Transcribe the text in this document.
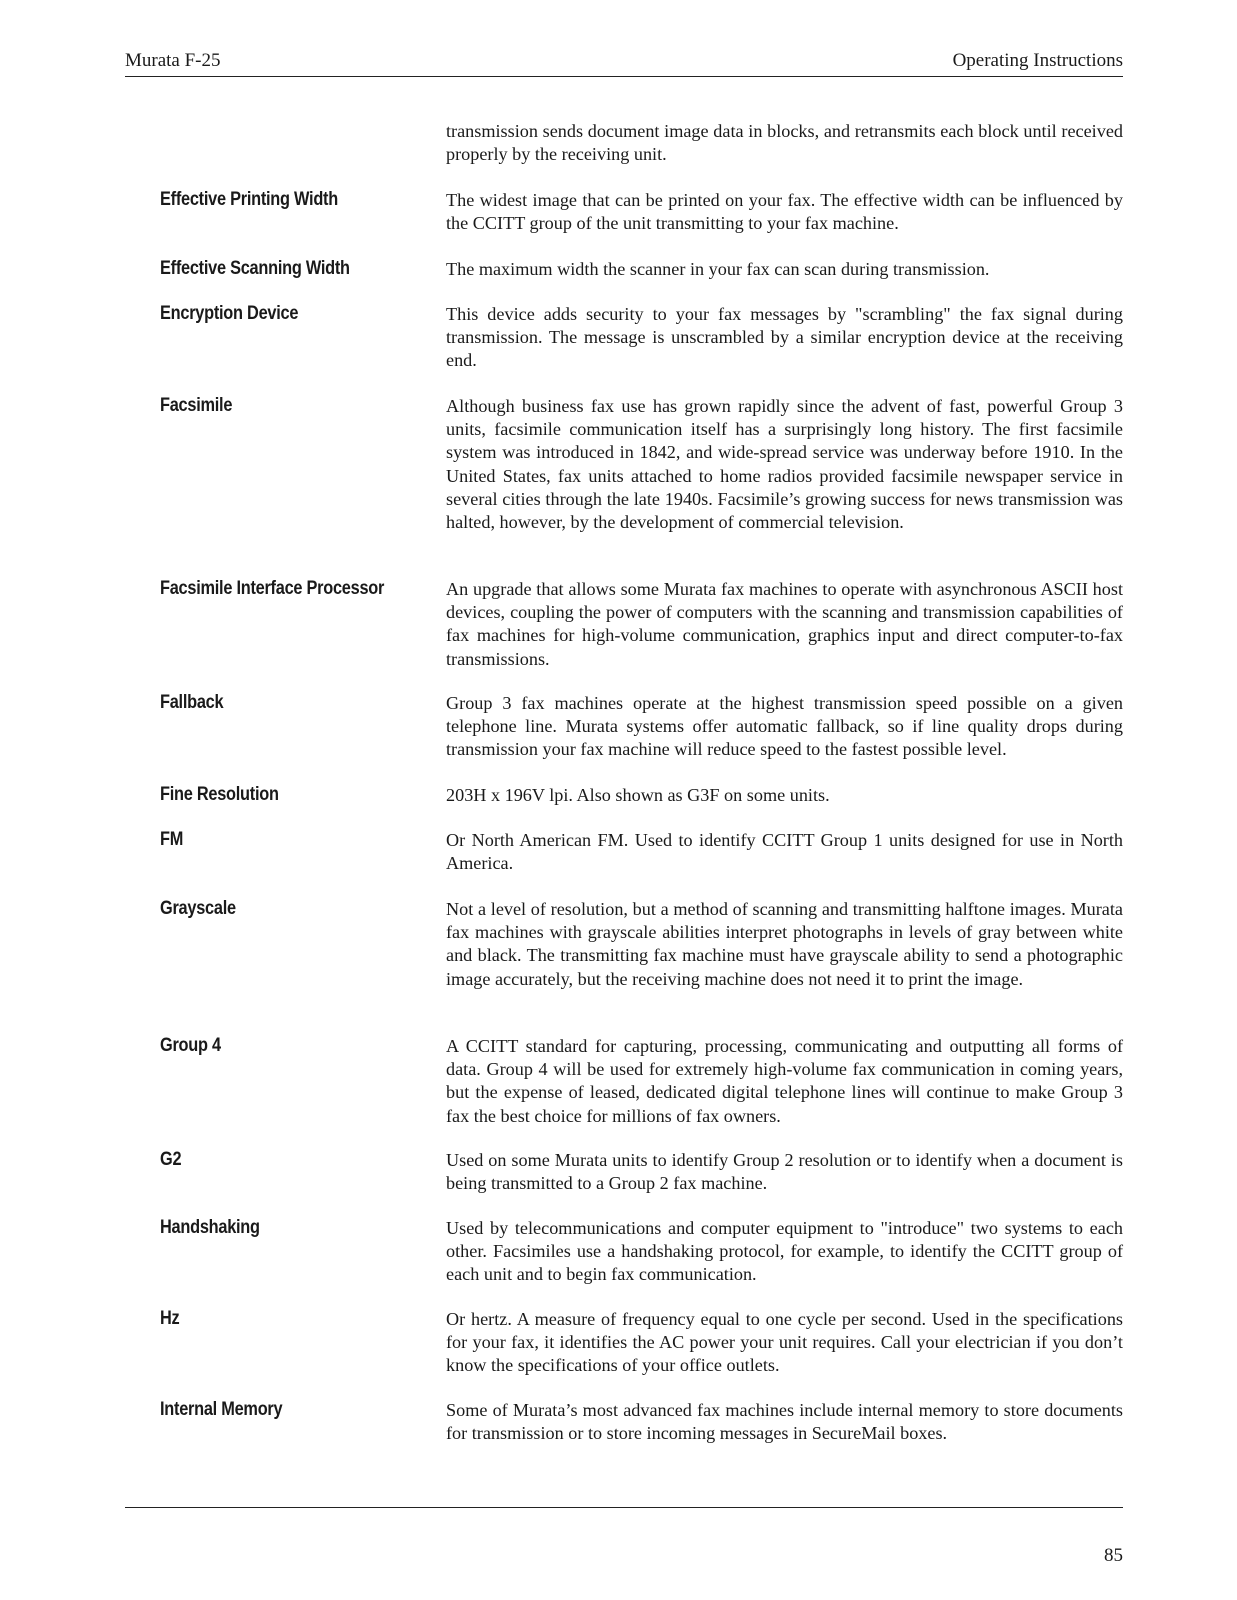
Murata F-25	Operating Instructions
transmission sends document image data in blocks, and retransmits each block until received properly by the receiving unit.
Effective Printing Width	The widest image that can be printed on your fax. The effective width can be influenced by the CCITT group of the unit transmitting to your fax machine.
Effective Scanning Width	The maximum width the scanner in your fax can scan during transmission.
Encryption Device	This device adds security to your fax messages by "scrambling" the fax signal during transmission. The message is unscrambled by a similar encryption device at the receiving end.
Facsimile	Although business fax use has grown rapidly since the advent of fast, powerful Group 3 units, facsimile communication itself has a surprisingly long history. The first facsimile system was introduced in 1842, and wide-spread service was underway before 1910. In the United States, fax units attached to home radios provided facsimile newspaper service in several cities through the late 1940s. Facsimile’s growing success for news transmission was halted, however, by the development of commercial television.
Facsimile Interface Processor	An upgrade that allows some Murata fax machines to operate with asynchronous ASCII host devices, coupling the power of computers with the scanning and transmission capabilities of fax machines for high-volume communication, graphics input and direct computer-to-fax transmissions.
Fallback	Group 3 fax machines operate at the highest transmission speed possible on a given telephone line. Murata systems offer automatic fallback, so if line quality drops during transmission your fax machine will reduce speed to the fastest possible level.
Fine Resolution	203H x 196V lpi. Also shown as G3F on some units.
FM	Or North American FM. Used to identify CCITT Group 1 units designed for use in North America.
Grayscale	Not a level of resolution, but a method of scanning and transmitting halftone images. Murata fax machines with grayscale abilities interpret photographs in levels of gray between white and black. The transmitting fax machine must have grayscale ability to send a photographic image accurately, but the receiving machine does not need it to print the image.
Group 4	A CCITT standard for capturing, processing, communicating and outputting all forms of data. Group 4 will be used for extremely high-volume fax communication in coming years, but the expense of leased, dedicated digital telephone lines will continue to make Group 3 fax the best choice for millions of fax owners.
G2	Used on some Murata units to identify Group 2 resolution or to identify when a document is being transmitted to a Group 2 fax machine.
Handshaking	Used by telecommunications and computer equipment to "introduce" two systems to each other. Facsimiles use a handshaking protocol, for example, to identify the CCITT group of each unit and to begin fax communication.
Hz	Or hertz. A measure of frequency equal to one cycle per second. Used in the specifications for your fax, it identifies the AC power your unit requires. Call your electrician if you don’t know the specifications of your office outlets.
Internal Memory	Some of Murata’s most advanced fax machines include internal memory to store documents for transmission or to store incoming messages in SecureMail boxes.
85
